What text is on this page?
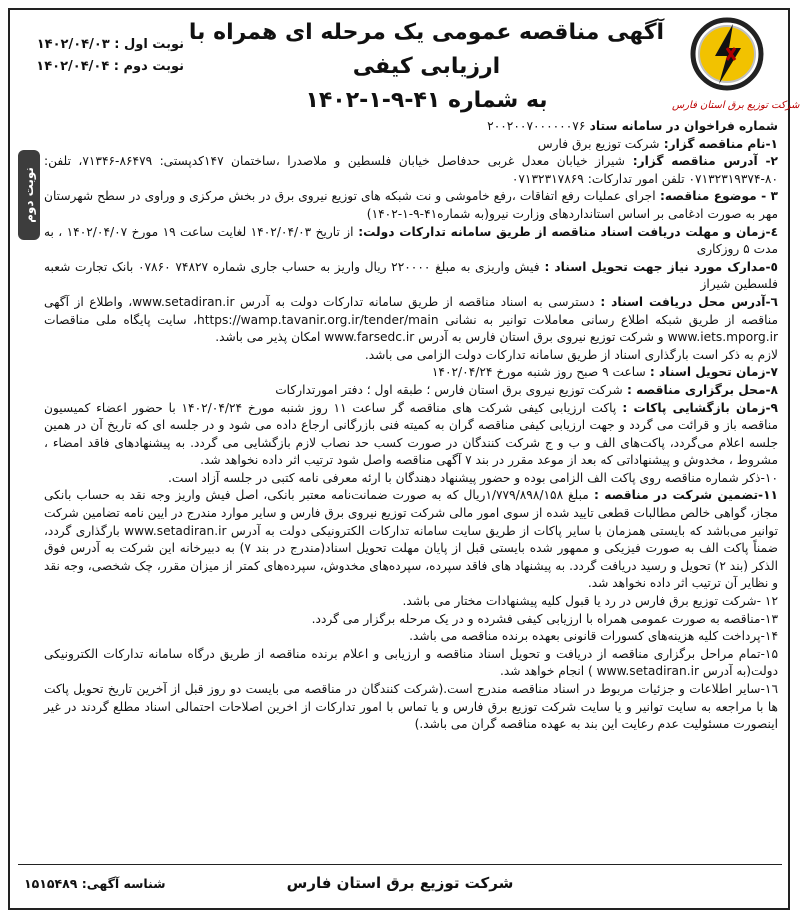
شرکت توزیع برق استان فارس
آگهی مناقصه عمومی یک مرحله ای همراه با ارزیابی کیفی
به شماره ۴۱-۹-۱-۱۴۰۲
نوبت اول : ۱۴۰۲/۰۴/۰۳
نوبت دوم : ۱۴۰۲/۰۴/۰۴
نوبت دوم

شماره فراخوان در سامانه ستاد ۲۰۰۲۰۰۷۰۰۰۰۰۰۷۶

۱-نام مناقصه گزار: شرکت توزیع برق فارس

۲- آدرس مناقصه گزار: شیراز خیابان معدل غربی حدفاصل خیابان فلسطین و ملاصدرا ،ساختمان ۱۴۷کدپستی: ۸۶۴۷۹-۷۱۳۴۶، تلفن: ۸۰-۰۷۱۳۲۳۱۹۳۷۴ تلفن امور تدارکات: ۰۷۱۳۲۳۱۷۸۶۹

۳ - موضوع مناقصه: اجرای عملیات رفع اتفاقات ،رفع خاموشی و نت شبکه های توزیع نیروی برق در بخش مرکزی و وراوی در سطح شهرستان مهر به صورت ادغامی بر اساس استانداردهای وزارت نیرو(به شماره۴۱-۹-۱-۱۴۰۲)

٤-زمان و مهلت دریافت اسناد مناقصه از طریق سامانه تدارکات دولت: از تاریخ ۱۴۰۲/۰۴/۰۳ لغایت ساعت ۱۹ مورخ ۱۴۰۲/۰۴/۰۷ ، به مدت ۵ روزکاری

٥-مدارک مورد نیاز جهت تحویل اسناد : فیش واریزی به مبلغ ۲۲۰۰۰۰ ریال واریز به حساب جاری شماره ۷۴۸۲۷ ۰۷۸۶۰ بانک تجارت شعبه فلسطین شیراز

٦-آدرس محل دریافت اسناد : دسترسی به اسناد مناقصه از طریق سامانه تدارکات دولت به آدرس www.setadiran.ir، واطلاع از آگهی مناقصه از طریق شبکه اطلاع رسانی معاملات توانیر به نشانی https://wamp.tavanir.org.ir/tender/main، سایت پایگاه ملی مناقصات www.iets.mporg.ir و شرکت توزیع نیروی برق استان فارس به آدرس www.farsedc.ir امکان پذیر می باشد.

لازم به ذکر است بارگذاری اسناد از طریق سامانه تدارکات دولت الزامی می باشد.

۷-زمان تحویل اسناد : ساعت ۹ صبح روز شنبه مورخ ۱۴۰۲/۰۴/۲۴

۸-محل برگزاری مناقصه : شرکت توزیع نیروی برق استان فارس ؛ طبقه اول ؛ دفتر امورتدارکات

۹-زمان بازگشایی پاکات : پاکت ارزیابی کیفی شرکت های مناقصه گر ساعت ۱۱ روز شنبه مورخ ۱۴۰۲/۰۴/۲۴ با حضور اعضاء کمیسیون مناقصه باز و قرائت می گردد و جهت ارزیابی کیفی مناقصه گران به کمیته فنی بازرگانی ارجاع داده می شود و در جلسه ای که تاریخ آن در همین جلسه اعلام می‌گردد، پاکت‌های الف و ب و ج شرکت کنندگان در صورت کسب حد نصاب لازم بازگشایی می گردد. به پیشنهادهای فاقد امضاء ، مشروط ، مخدوش و پیشنهاداتی که بعد از موعد مقرر در بند ۷ آگهی مناقصه واصل شود ترتیب اثر داده نخواهد شد.

۱۰-ذکر شماره مناقصه روی پاکت الف الزامی بوده و حضور پیشنهاد دهندگان با ارئه معرفی نامه کتبی در جلسه آزاد است.

۱۱-تضمین شرکت در مناقصه : مبلغ ۱/۷۷۹/۸۹۸/۱۵۸ریال که به صورت ضمانت‌نامه معتبر بانکی، اصل فیش واریز وجه نقد به حساب بانکی مجاز، گواهی خالص مطالبات قطعی تایید شده از سوی امور مالی شرکت توزیع نیروی برق فارس و سایر موارد مندرج در ایین نامه تضامین شرکت توانیر می‌باشد که بایستی همزمان با سایر پاکات از طریق سایت سامانه تدارکات الکترونیکی دولت به آدرس www.setadiran.ir بارگذاری گردد، ضمناً پاکت الف به صورت فیزیکی و ممهور شده بایستی قبل از پایان مهلت تحویل اسناد(مندرج در بند ۷) به دبیرخانه این شرکت به آدرس فوق الذکر (بند ۲) تحویل و رسید دریافت گردد. به پیشنهاد های فاقد سپرده، سپرده‌های مخدوش، سپرده‌های کمتر از میزان مقرر، چک شخصی، وجه نقد و نظایر آن ترتیب اثر داده نخواهد شد.

۱۲ -شرکت توزیع برق فارس در رد یا قبول کلیه پیشنهادات مختار می باشد.

۱۳-مناقصه به صورت عمومی همراه با ارزیابی کیفی فشرده و در یک مرحله برگزار می گردد.

۱۴-پرداخت کلیه هزینه‌های کسورات قانونی بعهده برنده مناقصه می باشد.

۱۵-تمام مراحل برگزاری مناقصه از دریافت و تحویل اسناد مناقصه و ارزیابی و اعلام برنده مناقصه از طریق درگاه سامانه تدارکات الکترونیکی دولت(به آدرس www.setadiran.ir ) انجام خواهد شد.

۱٦-سایر اطلاعات و جزئیات مربوط در اسناد مناقصه مندرج است.(شرکت کنندگان در مناقصه می بایست دو روز قبل از آخرین تاریخ تحویل پاکت ها با مراجعه به سایت توانیر و یا سایت شرکت توزیع برق فارس و یا تماس با امور تدارکات از اخرین اصلاحات احتمالی اسناد مطلع گردند در غیر اینصورت مسئولیت عدم رعایت این بند به عهده مناقصه گران می باشد.)

شرکت توزیع برق استان فارس
شناسه آگهی: ۱۵۱۵۴۸۹
